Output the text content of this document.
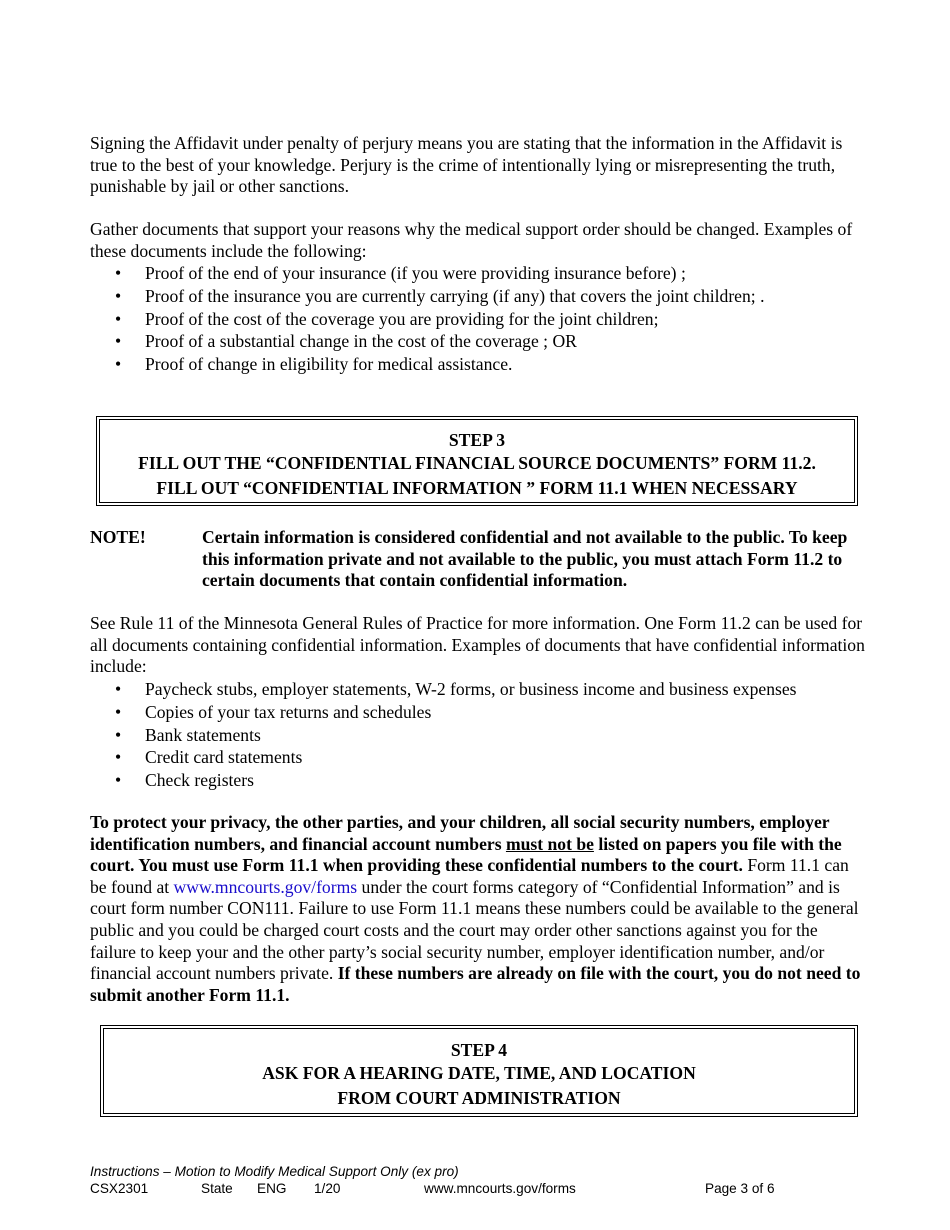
Signing the Affidavit under penalty of perjury means you are stating that the information in the Affidavit is true to the best of your knowledge. Perjury is the crime of intentionally lying or misrepresenting the truth, punishable by jail or other sanctions.

Gather documents that support your reasons why the medical support order should be changed. Examples of these documents include the following:

• Proof of the end of your insurance (if you were providing insurance before) ;
• Proof of the insurance you are currently carrying (if any) that covers the joint children; .
• Proof of the cost of the coverage you are providing for the joint children;
• Proof of a substantial change in the cost of the coverage ; OR
• Proof of change in eligibility for medical assistance.
STEP 3
FILL OUT THE “CONFIDENTIAL FINANCIAL SOURCE DOCUMENTS” FORM 11.2.
FILL OUT “CONFIDENTIAL INFORMATION ” FORM 11.1 WHEN NECESSARY
NOTE!	Certain information is considered confidential and not available to the public. To keep this information private and not available to the public, you must attach Form 11.2 to certain documents that contain confidential information.

See Rule 11 of the Minnesota General Rules of Practice for more information. One Form 11.2 can be used for all documents containing confidential information. Examples of documents that have confidential information include:

• Paycheck stubs, employer statements, W-2 forms, or business income and business expenses
• Copies of your tax returns and schedules
• Bank statements
• Credit card statements
• Check registers

To protect your privacy, the other parties, and your children, all social security numbers, employer identification numbers, and financial account numbers must not be listed on papers you file with the court. You must use Form 11.1 when providing these confidential numbers to the court. Form 11.1 can be found at www.mncourts.gov/forms under the court forms category of “Confidential Information” and is court form number CON111. Failure to use Form 11.1 means these numbers could be available to the general public and you could be charged court costs and the court may order other sanctions against you for the failure to keep your and the other party’s social security number, employer identification number, and/or financial account numbers private. If these numbers are already on file with the court, you do not need to submit another Form 11.1.

STEP 4
ASK FOR A HEARING DATE, TIME, AND LOCATION
FROM COURT ADMINISTRATION
Instructions – Motion to Modify Medical Support Only (ex pro)
CSX2301	State ENG 1/20	www.mncourts.gov/forms	Page 3 of 6
